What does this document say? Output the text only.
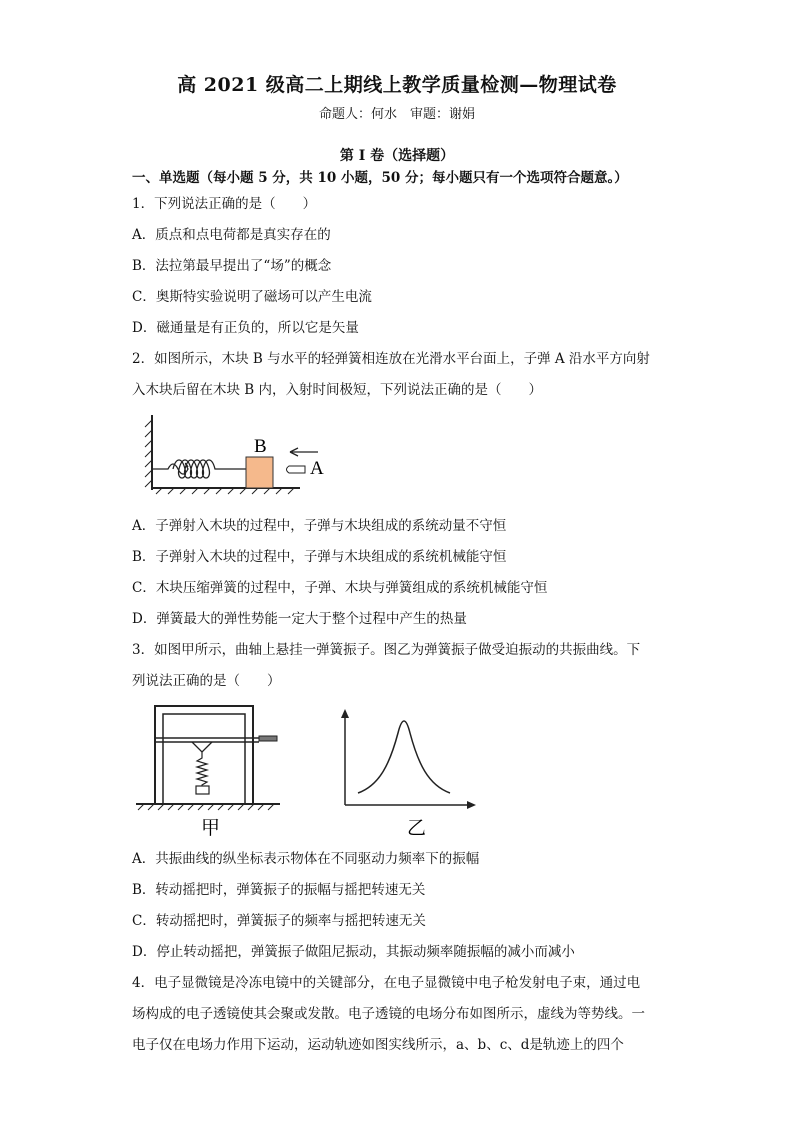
高 2021 级高二上期线上教学质量检测—物理试卷
命题人：何水　审题：谢娟
第 I 卷（选择题）
一、单选题（每小题 5 分，共 10 小题，50 分；每小题只有一个选项符合题意。）
1．下列说法正确的是（　　）
A．质点和点电荷都是真实存在的
B．法拉第最早提出了“场”的概念
C．奥斯特实验说明了磁场可以产生电流
D．磁通量是有正负的，所以它是矢量
2．如图所示，木块 B 与水平的轻弹簧相连放在光滑水平台面上，子弹 A 沿水平方向射
入木块后留在木块 B 内，入射时间极短，下列说法正确的是（　　）
B
A
A．子弹射入木块的过程中，子弹与木块组成的系统动量不守恒
B．子弹射入木块的过程中，子弹与木块组成的系统机械能守恒
C．木块压缩弹簧的过程中，子弹、木块与弹簧组成的系统机械能守恒
D．弹簧最大的弹性势能一定大于整个过程中产生的热量
3．如图甲所示，曲轴上悬挂一弹簧振子。图乙为弹簧振子做受迫振动的共振曲线。下
列说法正确的是（　　）
甲	乙
A．共振曲线的纵坐标表示物体在不同驱动力频率下的振幅
B．转动摇把时，弹簧振子的振幅与摇把转速无关
C．转动摇把时，弹簧振子的频率与摇把转速无关
D．停止转动摇把，弹簧振子做阻尼振动，其振动频率随振幅的减小而减小
4．电子显微镜是冷冻电镜中的关键部分，在电子显微镜中电子枪发射电子束，通过电
场构成的电子透镜使其会聚或发散。电子透镜的电场分布如图所示，虚线为等势线。一
电子仅在电场力作用下运动，运动轨迹如图实线所示，a、b、c、d是轨迹上的四个
